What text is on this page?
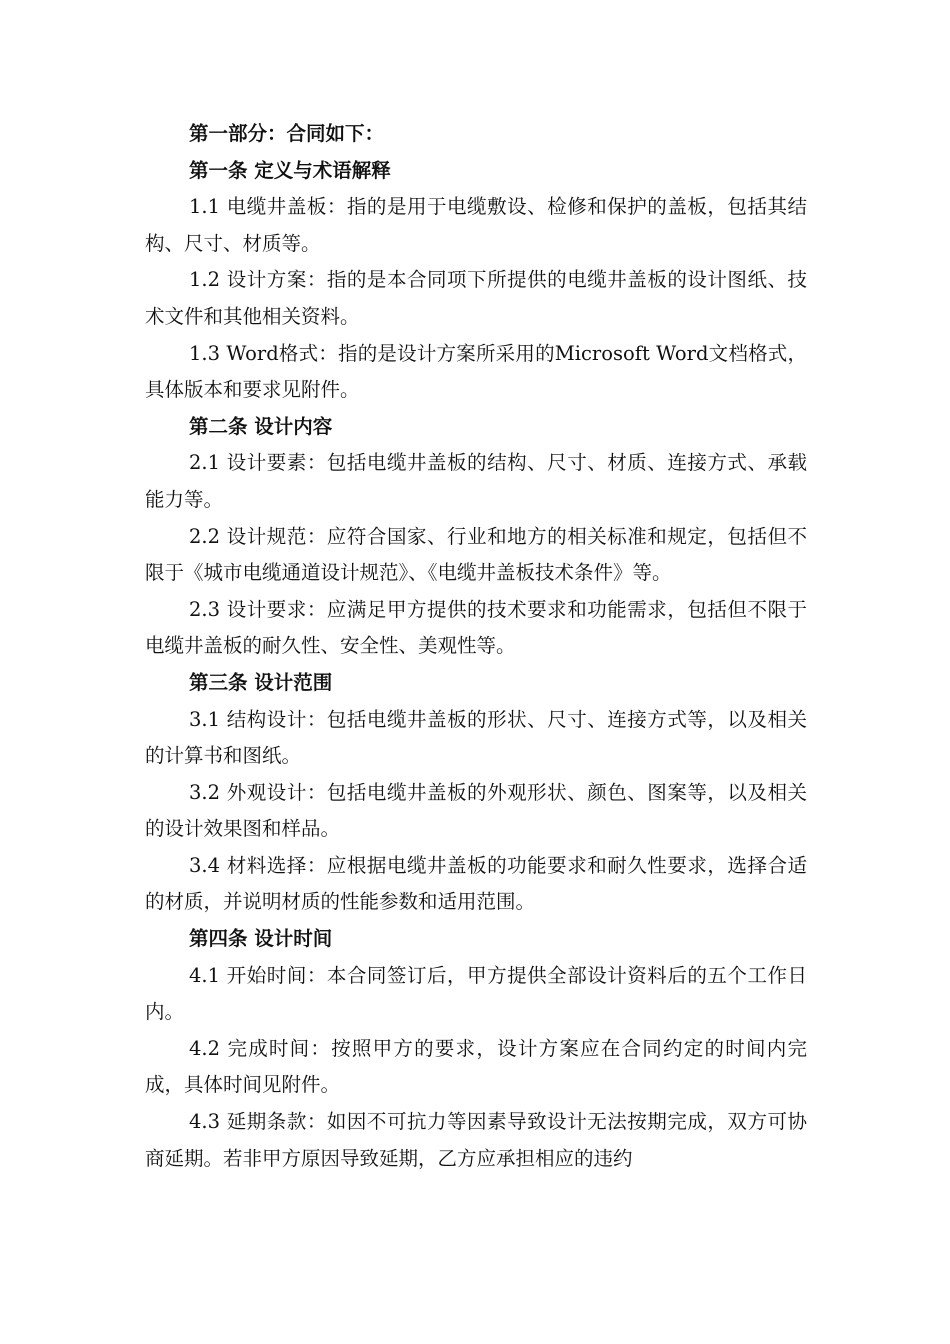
第一部分：合同如下：

第一条 定义与术语解释

1.1 电缆井盖板：指的是用于电缆敷设、检修和保护的盖板，包括其结构、尺寸、材质等。

1.2 设计方案：指的是本合同项下所提供的电缆井盖板的设计图纸、技术文件和其他相关资料。

1.3 Word格式：指的是设计方案所采用的Microsoft Word文档格式，具体版本和要求见附件。

第二条 设计内容

2.1 设计要素：包括电缆井盖板的结构、尺寸、材质、连接方式、承载能力等。

2.2 设计规范：应符合国家、行业和地方的相关标准和规定，包括但不限于《城市电缆通道设计规范》、《电缆井盖板技术条件》等。

2.3 设计要求：应满足甲方提供的技术要求和功能需求，包括但不限于电缆井盖板的耐久性、安全性、美观性等。

第三条 设计范围

3.1 结构设计：包括电缆井盖板的形状、尺寸、连接方式等，以及相关的计算书和图纸。

3.2 外观设计：包括电缆井盖板的外观形状、颜色、图案等，以及相关的设计效果图和样品。

3.4 材料选择：应根据电缆井盖板的功能要求和耐久性要求，选择合适的材质，并说明材质的性能参数和适用范围。

第四条 设计时间

4.1 开始时间：本合同签订后，甲方提供全部设计资料后的五个工作日内。

4.2 完成时间：按照甲方的要求，设计方案应在合同约定的时间内完成，具体时间见附件。

4.3 延期条款：如因不可抗力等因素导致设计无法按期完成，双方可协商延期。若非甲方原因导致延期，乙方应承担相应的违约
